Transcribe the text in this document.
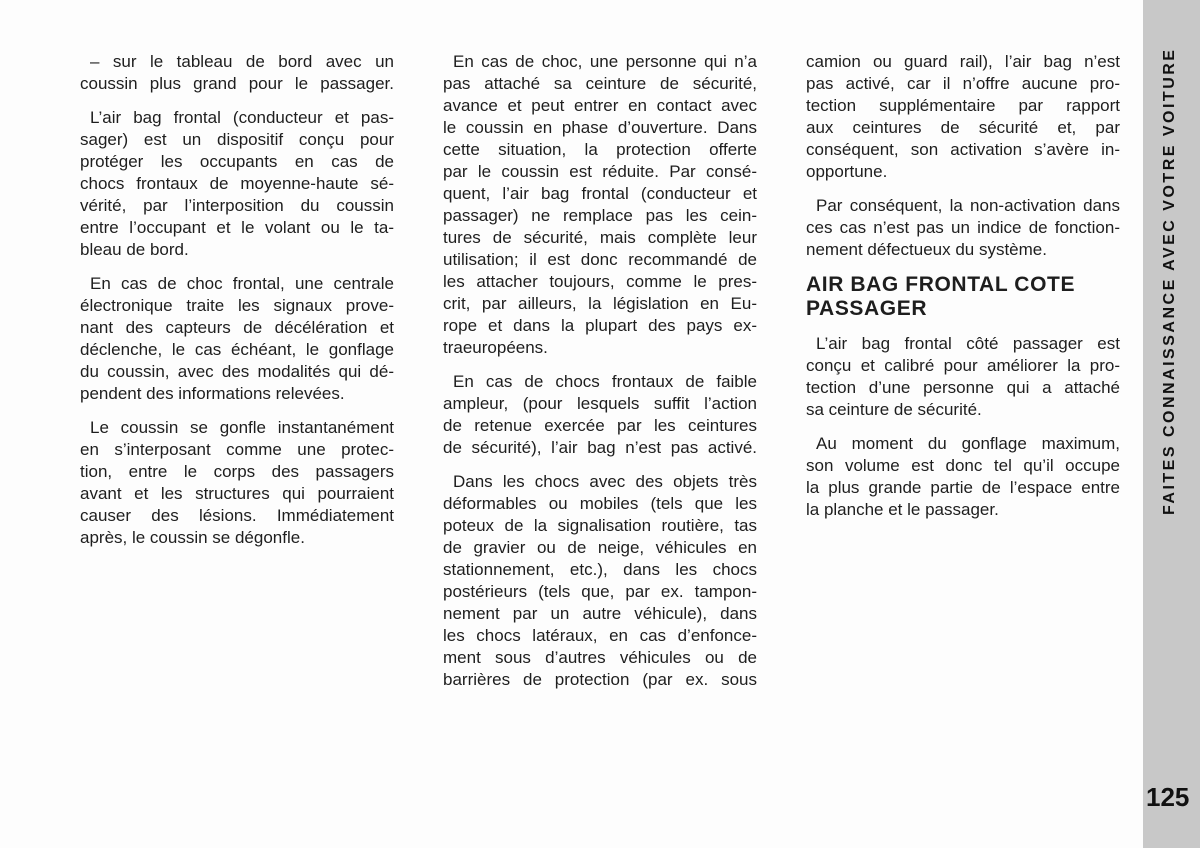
– sur le tableau de bord avec un
coussin plus grand pour le passager.
L’air bag frontal (conducteur et pas-
sager) est un dispositif conçu pour
protéger les occupants en cas de
chocs frontaux de moyenne-haute sé-
vérité, par l’interposition du coussin
entre l’occupant et le volant ou le ta-
bleau de bord.
En cas de choc frontal, une centrale
électronique traite les signaux prove-
nant des capteurs de décélération et
déclenche, le cas échéant, le gonflage
du coussin, avec des modalités qui dé-
pendent des informations relevées.
Le coussin se gonfle instantanément
en s’interposant comme une protec-
tion, entre le corps des passagers
avant et les structures qui pourraient
causer des lésions. Immédiatement
après, le coussin se dégonfle.
En cas de choc, une personne qui n’a
pas attaché sa ceinture de sécurité,
avance et peut entrer en contact avec
le coussin en phase d’ouverture. Dans
cette situation, la protection offerte
par le coussin est réduite. Par consé-
quent, l’air bag frontal (conducteur et
passager) ne remplace pas les cein-
tures de sécurité, mais complète leur
utilisation; il est donc recommandé de
les attacher toujours, comme le pres-
crit, par ailleurs, la législation en Eu-
rope et dans la plupart des pays ex-
traeuropéens.
En cas de chocs frontaux de faible
ampleur, (pour lesquels suffit l’action
de retenue exercée par les ceintures
de sécurité), l’air bag n’est pas activé.
Dans les chocs avec des objets très
déformables ou mobiles (tels que les
poteux de la signalisation routière, tas
de gravier ou de neige, véhicules en
stationnement, etc.), dans les chocs
postérieurs (tels que, par ex. tampon-
nement par un autre véhicule), dans
les chocs latéraux, en cas d’enfonce-
ment sous d’autres véhicules ou de
barrières de protection (par ex. sous
camion ou guard rail), l’air bag n’est
pas activé, car il n’offre aucune pro-
tection supplémentaire par rapport
aux ceintures de sécurité et, par
conséquent, son activation s’avère in-
opportune.
Par conséquent, la non-activation dans
ces cas n’est pas un indice de fonction-
nement défectueux du système.
AIR BAG FRONTAL COTE
PASSAGER
L’air bag frontal côté passager est
conçu et calibré pour améliorer la pro-
tection d’une personne qui a attaché
sa ceinture de sécurité.
Au moment du gonflage maximum,
son volume est donc tel qu’il occupe
la plus grande partie de l’espace entre
la planche et le passager.	FAITES CONNAISSANCE AVEC VOTRE VOITURE
125
